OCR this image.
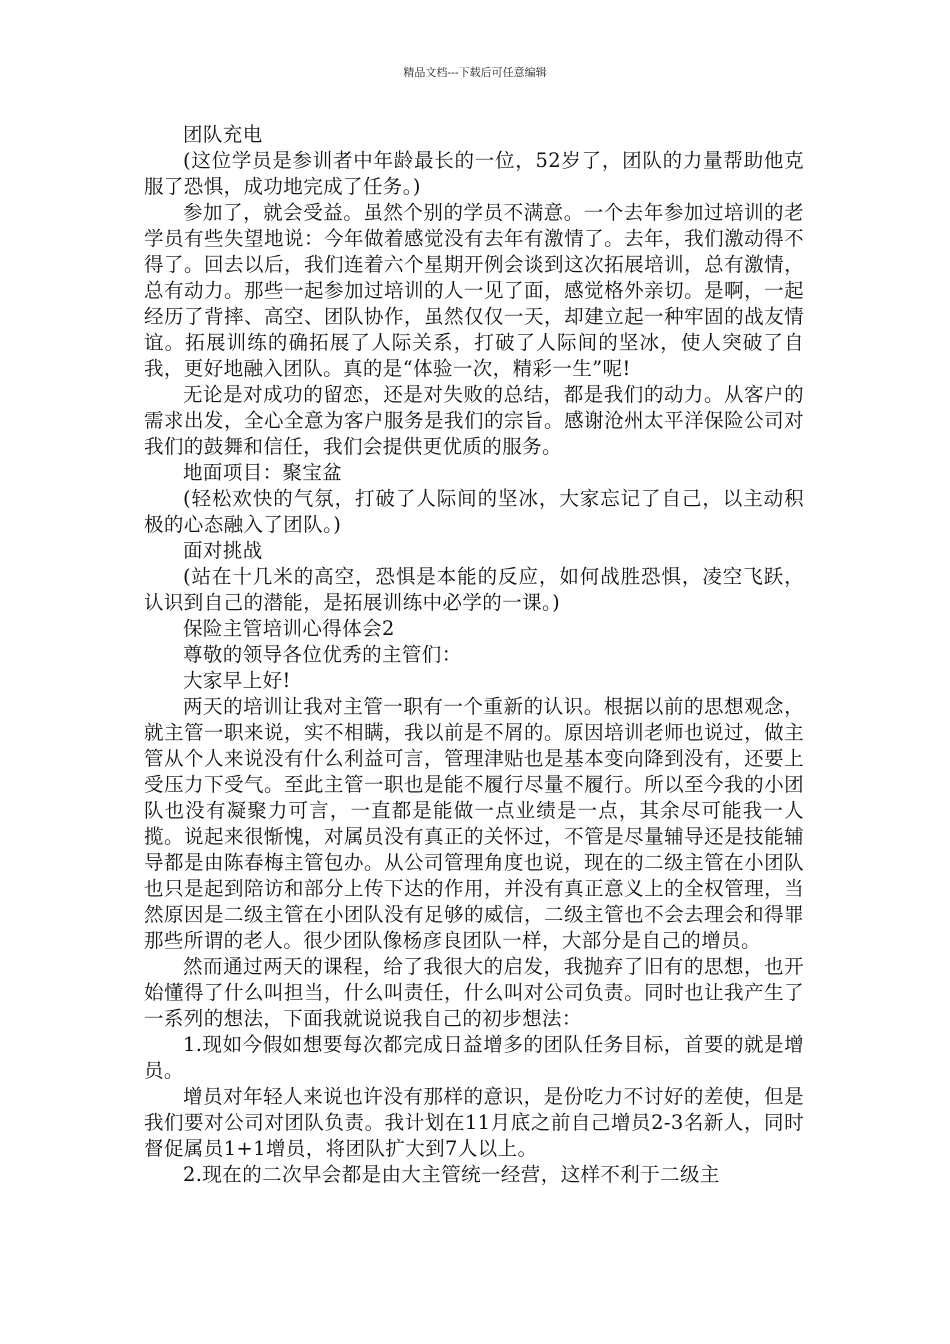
精品文档---下载后可任意编辑

团队充电

(这位学员是参训者中年龄最长的一位，52岁了，团队的力量帮助他克服了恐惧，成功地完成了任务。)

参加了，就会受益。虽然个别的学员不满意。一个去年参加过培训的老学员有些失望地说：今年做着感觉没有去年有激情了。去年，我们激动得不得了。回去以后，我们连着六个星期开例会谈到这次拓展培训，总有激情，总有动力。那些一起参加过培训的人一见了面，感觉格外亲切。是啊，一起经历了背摔、高空、团队协作，虽然仅仅一天，却建立起一种牢固的战友情谊。拓展训练的确拓展了人际关系，打破了人际间的坚冰，使人突破了自我，更好地融入团队。真的是“体验一次，精彩一生”呢!

无论是对成功的留恋，还是对失败的总结，都是我们的动力。从客户的需求出发，全心全意为客户服务是我们的宗旨。感谢沧州太平洋保险公司对我们的鼓舞和信任，我们会提供更优质的服务。

地面项目：聚宝盆

(轻松欢快的气氛，打破了人际间的坚冰，大家忘记了自己，以主动积极的心态融入了团队。)

面对挑战

(站在十几米的高空，恐惧是本能的反应，如何战胜恐惧，凌空飞跃，认识到自己的潜能，是拓展训练中必学的一课。)

保险主管培训心得体会2

尊敬的领导各位优秀的主管们：

大家早上好!

两天的培训让我对主管一职有一个重新的认识。根据以前的思想观念，就主管一职来说，实不相瞒，我以前是不屑的。原因培训老师也说过，做主管从个人来说没有什么利益可言，管理津贴也是基本变向降到没有，还要上受压力下受气。至此主管一职也是能不履行尽量不履行。所以至今我的小团队也没有凝聚力可言，一直都是能做一点业绩是一点，其余尽可能我一人揽。说起来很惭愧，对属员没有真正的关怀过，不管是尽量辅导还是技能辅导都是由陈春梅主管包办。从公司管理角度也说，现在的二级主管在小团队也只是起到陪访和部分上传下达的作用，并没有真正意义上的全权管理，当然原因是二级主管在小团队没有足够的威信，二级主管也不会去理会和得罪那些所谓的老人。很少团队像杨彦良团队一样，大部分是自己的增员。

然而通过两天的课程，给了我很大的启发，我抛弃了旧有的思想，也开始懂得了什么叫担当，什么叫责任，什么叫对公司负责。同时也让我产生了一系列的想法，下面我就说说我自己的初步想法：

1.现如今假如想要每次都完成日益增多的团队任务目标，首要的就是增员。

增员对年轻人来说也许没有那样的意识，是份吃力不讨好的差使，但是我们要对公司对团队负责。我计划在11月底之前自己增员2-3名新人，同时督促属员1+1增员，将团队扩大到7人以上。

2.现在的二次早会都是由大主管统一经营，这样不利于二级主
